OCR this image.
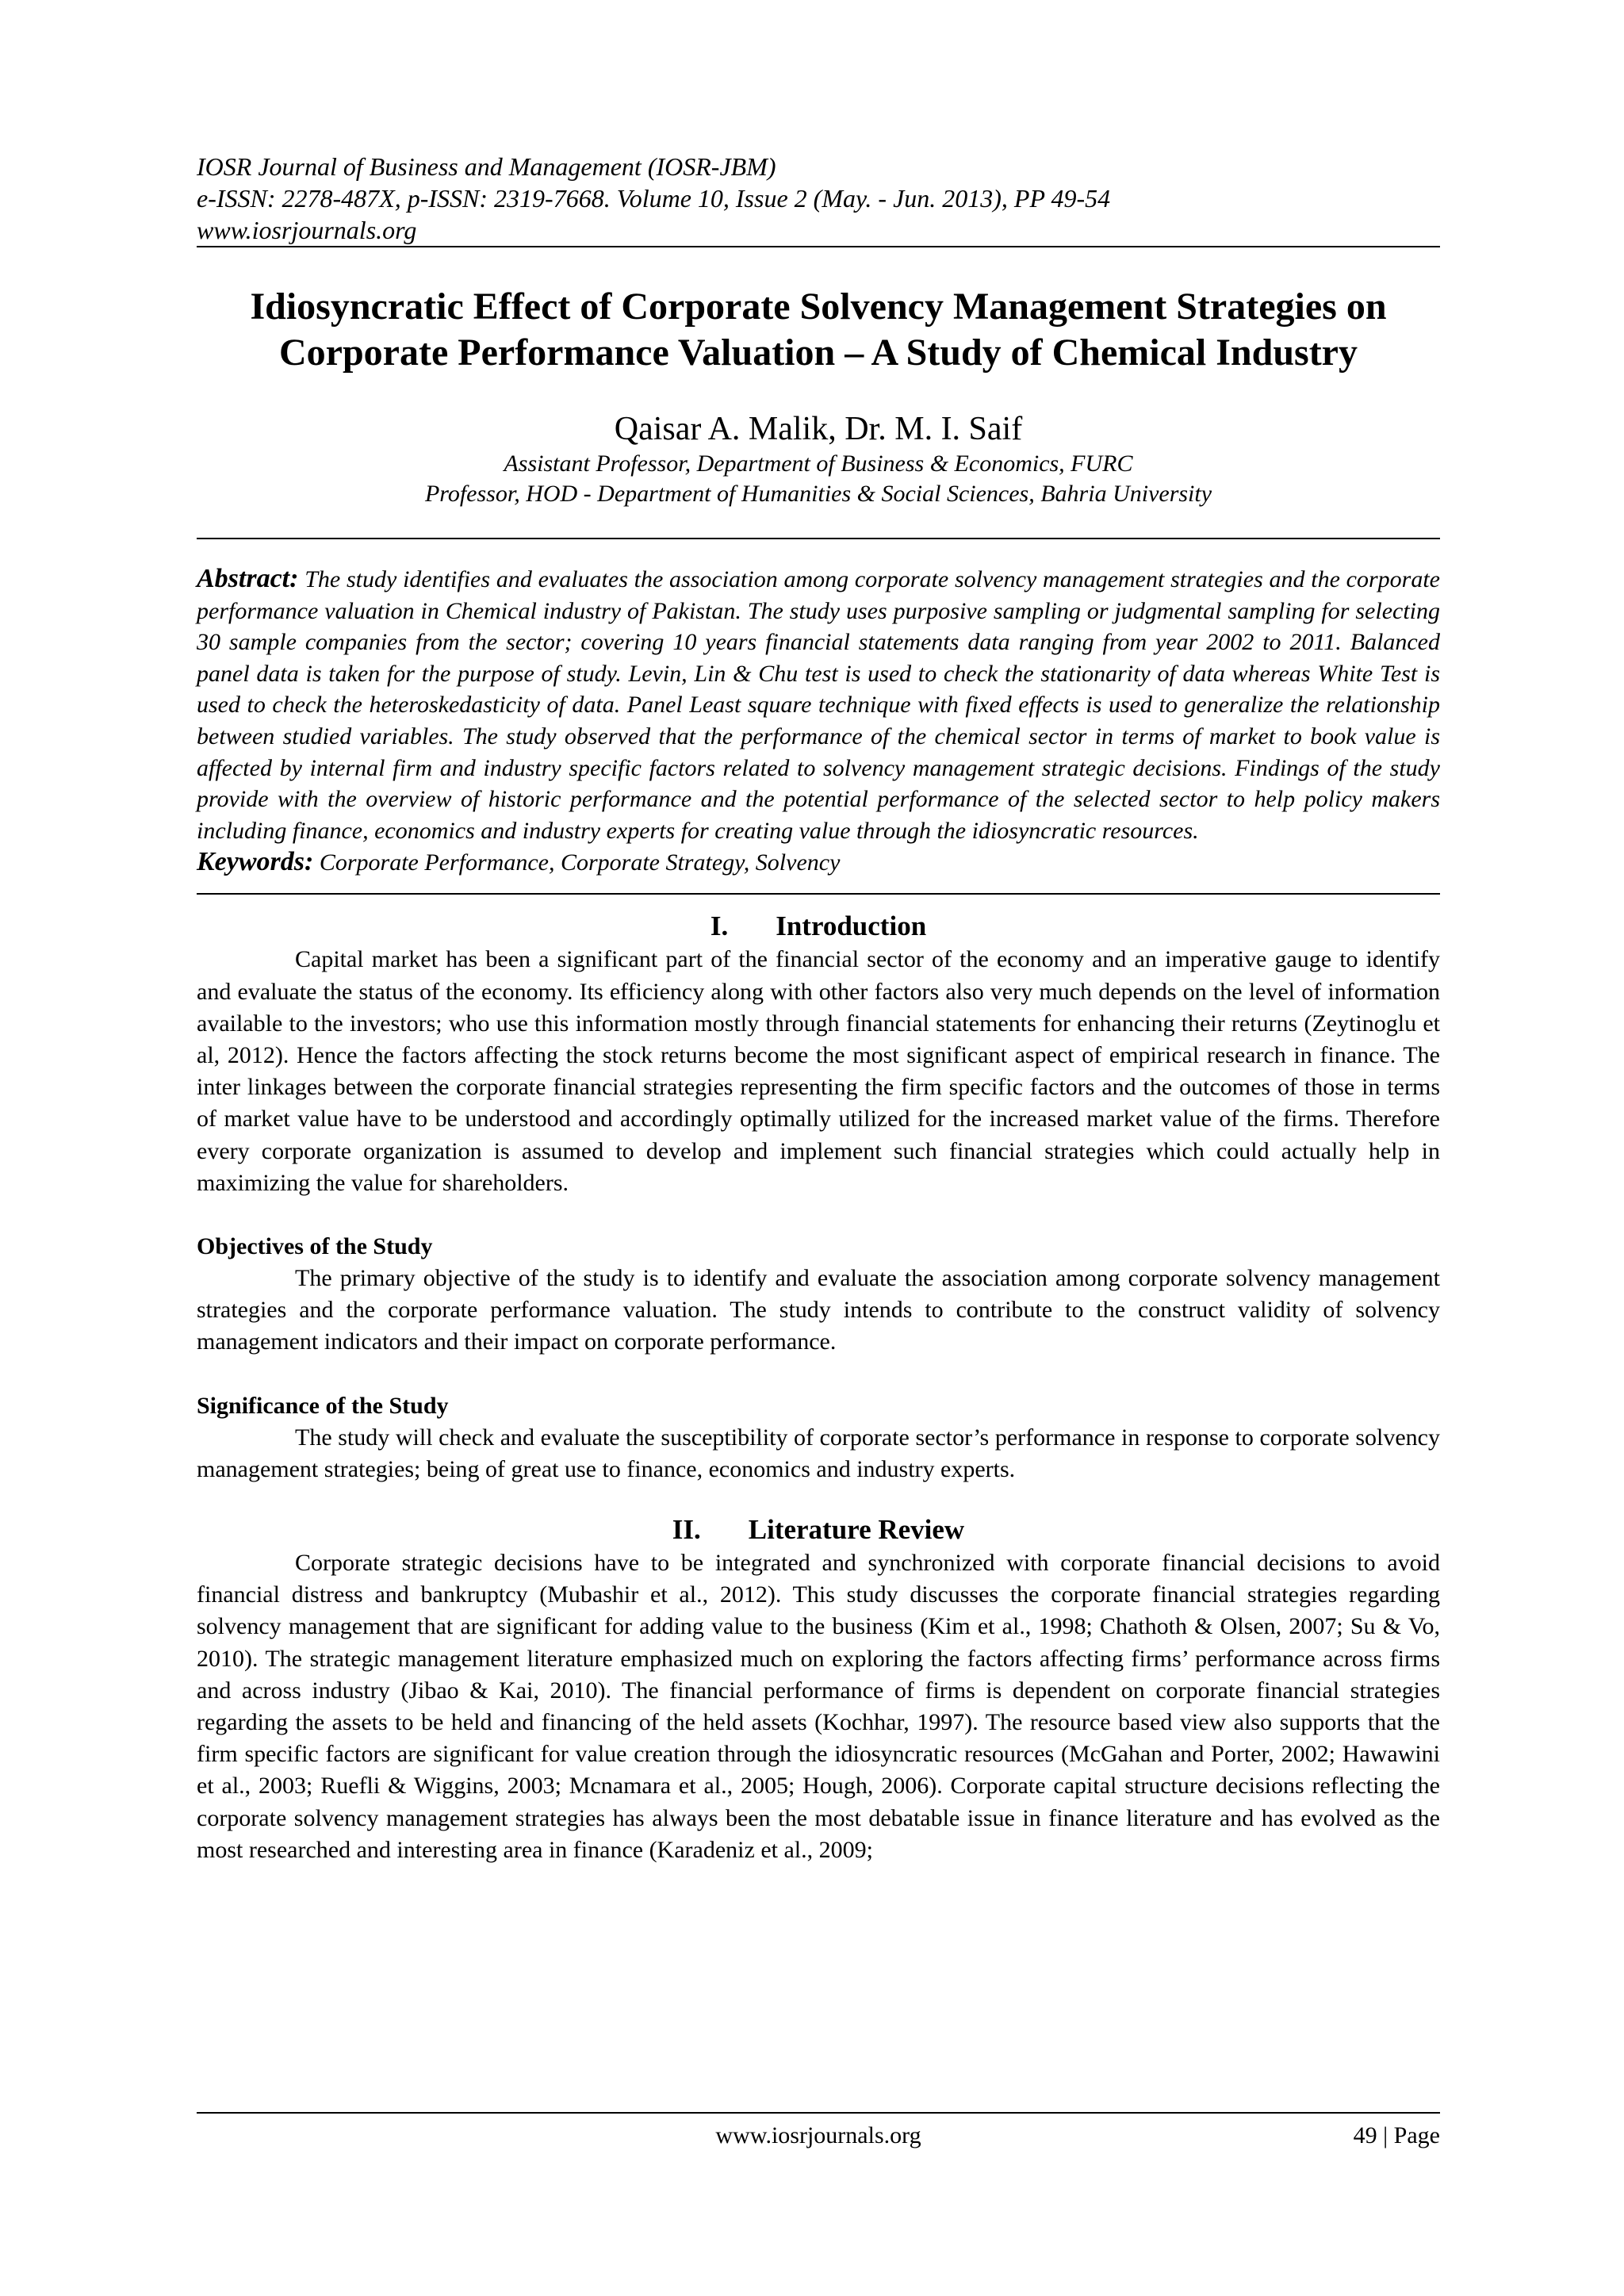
IOSR Journal of Business and Management (IOSR-JBM)
e-ISSN: 2278-487X, p-ISSN: 2319-7668. Volume 10, Issue 2 (May. - Jun. 2013), PP 49-54
www.iosrjournals.org
Idiosyncratic Effect of Corporate Solvency Management Strategies on Corporate Performance Valuation – A Study of Chemical Industry
Qaisar A. Malik, Dr. M. I. Saif
Assistant Professor, Department of Business & Economics, FURC
Professor, HOD - Department of Humanities & Social Sciences, Bahria University
Abstract: The study identifies and evaluates the association among corporate solvency management strategies and the corporate performance valuation in Chemical industry of Pakistan. The study uses purposive sampling or judgmental sampling for selecting 30 sample companies from the sector; covering 10 years financial statements data ranging from year 2002 to 2011. Balanced panel data is taken for the purpose of study. Levin, Lin & Chu test is used to check the stationarity of data whereas White Test is used to check the heteroskedasticity of data. Panel Least square technique with fixed effects is used to generalize the relationship between studied variables. The study observed that the performance of the chemical sector in terms of market to book value is affected by internal firm and industry specific factors related to solvency management strategic decisions. Findings of the study provide with the overview of historic performance and the potential performance of the selected sector to help policy makers including finance, economics and industry experts for creating value through the idiosyncratic resources.
Keywords: Corporate Performance, Corporate Strategy, Solvency
I. Introduction

Capital market has been a significant part of the financial sector of the economy and an imperative gauge to identify and evaluate the status of the economy. Its efficiency along with other factors also very much depends on the level of information available to the investors; who use this information mostly through financial statements for enhancing their returns (Zeytinoglu et al, 2012). Hence the factors affecting the stock returns become the most significant aspect of empirical research in finance. The inter linkages between the corporate financial strategies representing the firm specific factors and the outcomes of those in terms of market value have to be understood and accordingly optimally utilized for the increased market value of the firms. Therefore every corporate organization is assumed to develop and implement such financial strategies which could actually help in maximizing the value for shareholders.

Objectives of the Study

The primary objective of the study is to identify and evaluate the association among corporate solvency management strategies and the corporate performance valuation. The study intends to contribute to the construct validity of solvency management indicators and their impact on corporate performance.

Significance of the Study

The study will check and evaluate the susceptibility of corporate sector’s performance in response to corporate solvency management strategies; being of great use to finance, economics and industry experts.

II. Literature Review

Corporate strategic decisions have to be integrated and synchronized with corporate financial decisions to avoid financial distress and bankruptcy (Mubashir et al., 2012). This study discusses the corporate financial strategies regarding solvency management that are significant for adding value to the business (Kim et al., 1998; Chathoth & Olsen, 2007; Su & Vo, 2010). The strategic management literature emphasized much on exploring the factors affecting firms’ performance across firms and across industry (Jibao & Kai, 2010). The financial performance of firms is dependent on corporate financial strategies regarding the assets to be held and financing of the held assets (Kochhar, 1997). The resource based view also supports that the firm specific factors are significant for value creation through the idiosyncratic resources (McGahan and Porter, 2002; Hawawini et al., 2003; Ruefli & Wiggins, 2003; Mcnamara et al., 2005; Hough, 2006). Corporate capital structure decisions reflecting the corporate solvency management strategies has always been the most debatable issue in finance literature and has evolved as the most researched and interesting area in finance (Karadeniz et al., 2009;

www.iosrjournals.org	49 | Page
